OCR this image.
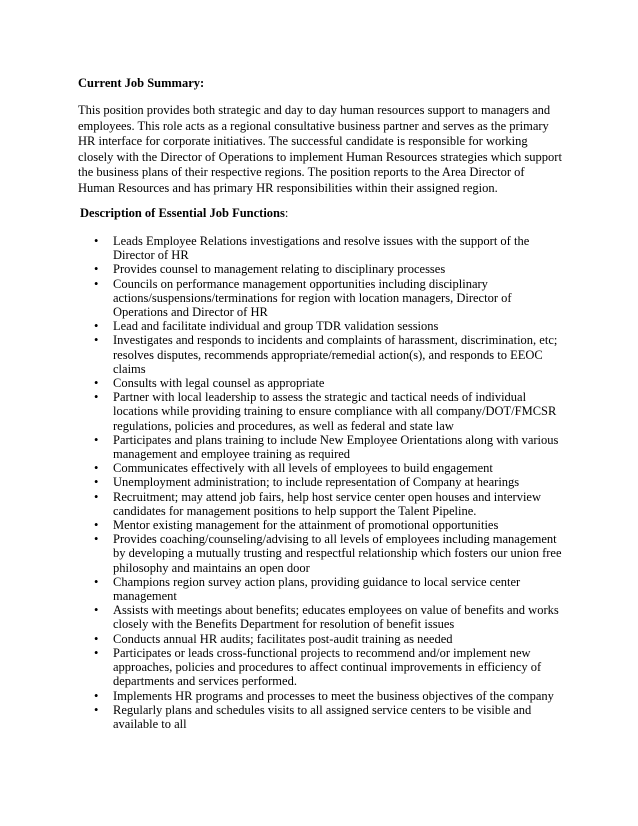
Current Job Summary:

This position provides both strategic and day to day human resources support to managers and employees. This role acts as a regional consultative business partner and serves as the primary HR interface for corporate initiatives. The successful candidate is responsible for working closely with the Director of Operations to implement Human Resources strategies which support the business plans of their respective regions. The position reports to the Area Director of Human Resources and has primary HR responsibilities within their assigned region.

Description of Essential Job Functions:

•	Leads Employee Relations investigations and resolve issues with the support of the Director of HR
•	Provides counsel to management relating to disciplinary processes
•	Councils on performance management opportunities including disciplinary actions/suspensions/terminations for region with location managers, Director of Operations and Director of HR
•	Lead and facilitate individual and group TDR validation sessions
•	Investigates and responds to incidents and complaints of harassment, discrimination, etc; resolves disputes, recommends appropriate/remedial action(s), and responds to EEOC claims
•	Consults with legal counsel as appropriate
•	Partner with local leadership to assess the strategic and tactical needs of individual locations while providing training to ensure compliance with all company/DOT/FMCSR regulations, policies and procedures, as well as federal and state law
•	Participates and plans training to include New Employee Orientations along with various management and employee training as required
•	Communicates effectively with all levels of employees to build engagement
•	Unemployment administration; to include representation of Company at hearings
•	Recruitment; may attend job fairs, help host service center open houses and interview candidates for management positions to help support the Talent Pipeline.
•	Mentor existing management for the attainment of promotional opportunities
•	Provides coaching/counseling/advising to all levels of employees including management by developing a mutually trusting and respectful relationship which fosters our union free philosophy and maintains an open door
•	Champions region survey action plans, providing guidance to local service center management
•	Assists with meetings about benefits; educates employees on value of benefits and works closely with the Benefits Department for resolution of benefit issues
•	Conducts annual HR audits; facilitates post-audit training as needed
•	Participates or leads cross-functional projects to recommend and/or implement new approaches, policies and procedures to affect continual improvements in efficiency of departments and services performed.
•	Implements HR programs and processes to meet the business objectives of the company
•	Regularly plans and schedules visits to all assigned service centers to be visible and available to all
